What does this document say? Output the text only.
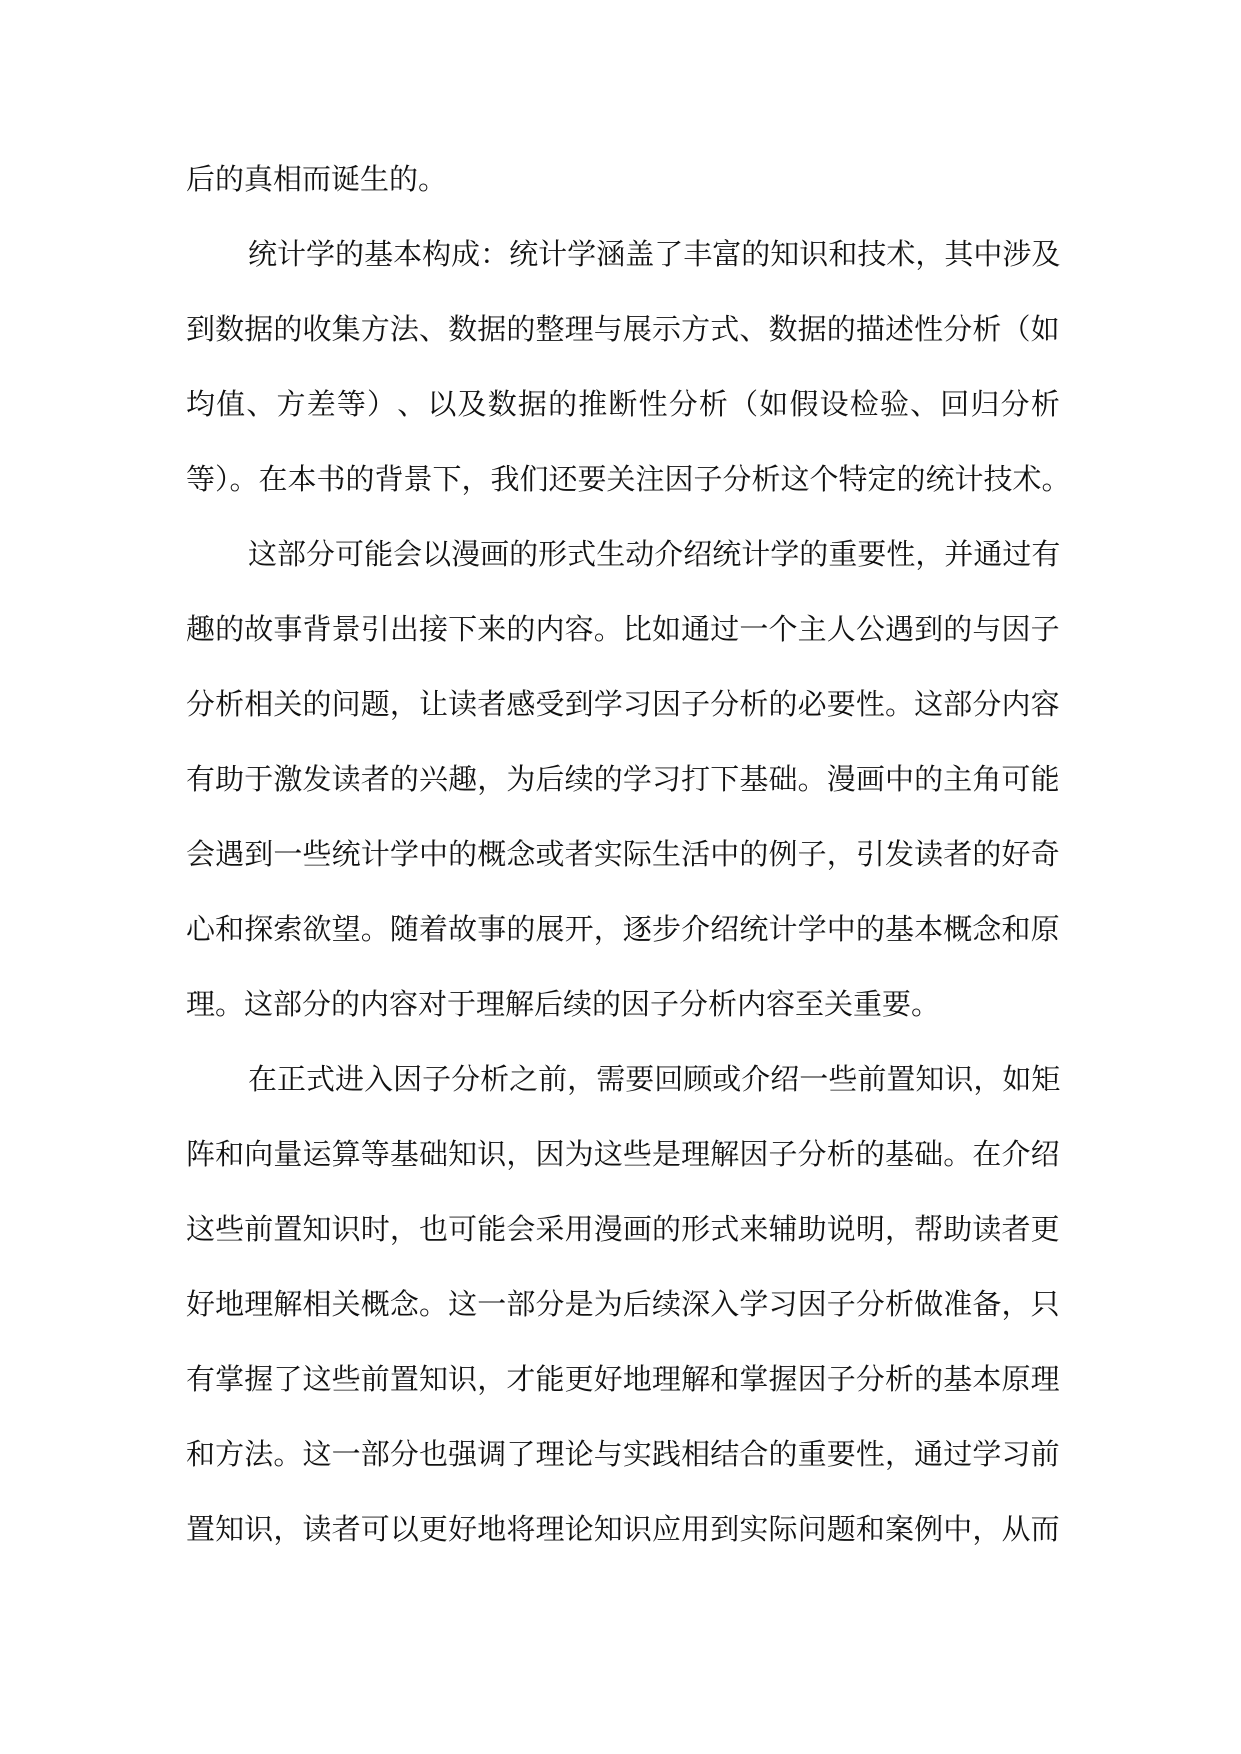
后的真相而诞生的。
统 计 学 的 基 本 构 成 ： 统 计 学 涵 盖 了 丰 富 的 知 识 和 技 术 ， 其 中 涉 及
到 数 据 的 收 集 方 法 、 数 据 的 整 理 与 展 示 方 式 、 数 据 的 描 述 性 分 析 （ 如
均 值 、 方 差 等 ） 、 以 及 数 据 的 推 断 性 分 析 （ 如 假 设 检 验 、 回 归 分 析
等）。在本书的背景下，我们还要关注因子分析这个特定的统计技术。
这 部 分 可 能 会 以 漫 画 的 形 式 生 动 介 绍 统 计 学 的 重 要 性 ， 并 通 过 有
趣 的 故 事 背 景 引 出 接 下 来 的 内 容 。 比 如 通 过 一 个 主 人 公 遇 到 的 与 因 子
分 析 相 关 的 问 题 ， 让 读 者 感 受 到 学 习 因 子 分 析 的 必 要 性 。 这 部 分 内 容
有 助 于 激 发 读 者 的 兴 趣 ， 为 后 续 的 学 习 打 下 基 础 。 漫 画 中 的 主 角 可 能
会 遇 到 一 些 统 计 学 中 的 概 念 或 者 实 际 生 活 中 的 例 子 ， 引 发 读 者 的 好 奇
心 和 探 索 欲 望 。 随 着 故 事 的 展 开 ， 逐 步 介 绍 统 计 学 中 的 基 本 概 念 和 原
理。这部分的内容对于理解后续的因子分析内容至关重要。
在 正 式 进 入 因 子 分 析 之 前 ， 需 要 回 顾 或 介 绍 一 些 前 置 知 识 ， 如 矩
阵 和 向 量 运 算 等 基 础 知 识 ， 因 为 这 些 是 理 解 因 子 分 析 的 基 础 。 在 介 绍
这 些 前 置 知 识 时 ， 也 可 能 会 采 用 漫 画 的 形 式 来 辅 助 说 明 ， 帮 助 读 者 更
好 地 理 解 相 关 概 念 。 这 一 部 分 是 为 后 续 深 入 学 习 因 子 分 析 做 准 备 ， 只
有 掌 握 了 这 些 前 置 知 识 ， 才 能 更 好 地 理 解 和 掌 握 因 子 分 析 的 基 本 原 理
和 方 法 。 这 一 部 分 也 强 调 了 理 论 与 实 践 相 结 合 的 重 要 性 ， 通 过 学 习 前
置 知 识 ， 读 者 可 以 更 好 地 将 理 论 知 识 应 用 到 实 际 问 题 和 案 例 中 ， 从 而
